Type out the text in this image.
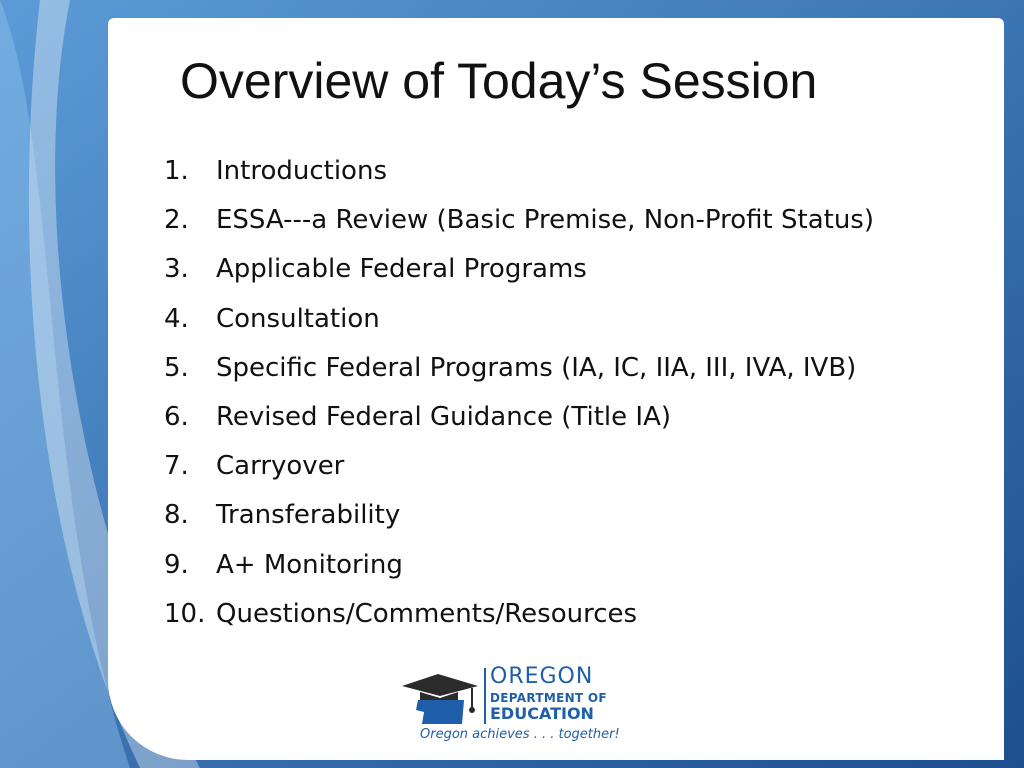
Overview of Today’s Session
1.	Introductions
2.	ESSA---a Review (Basic Premise, Non-Profit Status)
3.	Applicable Federal Programs
4.	Consultation
5.	Specific Federal Programs (IA, IC, IIA, III, IVA, IVB)
6.	Revised Federal Guidance (Title IA)
7.	Carryover
8.	Transferability
9.	A+ Monitoring
10. Questions/Comments/Resources
OREGON
DEPARTMENT OF
EDUCATION
Oregon achieves . . . together!
